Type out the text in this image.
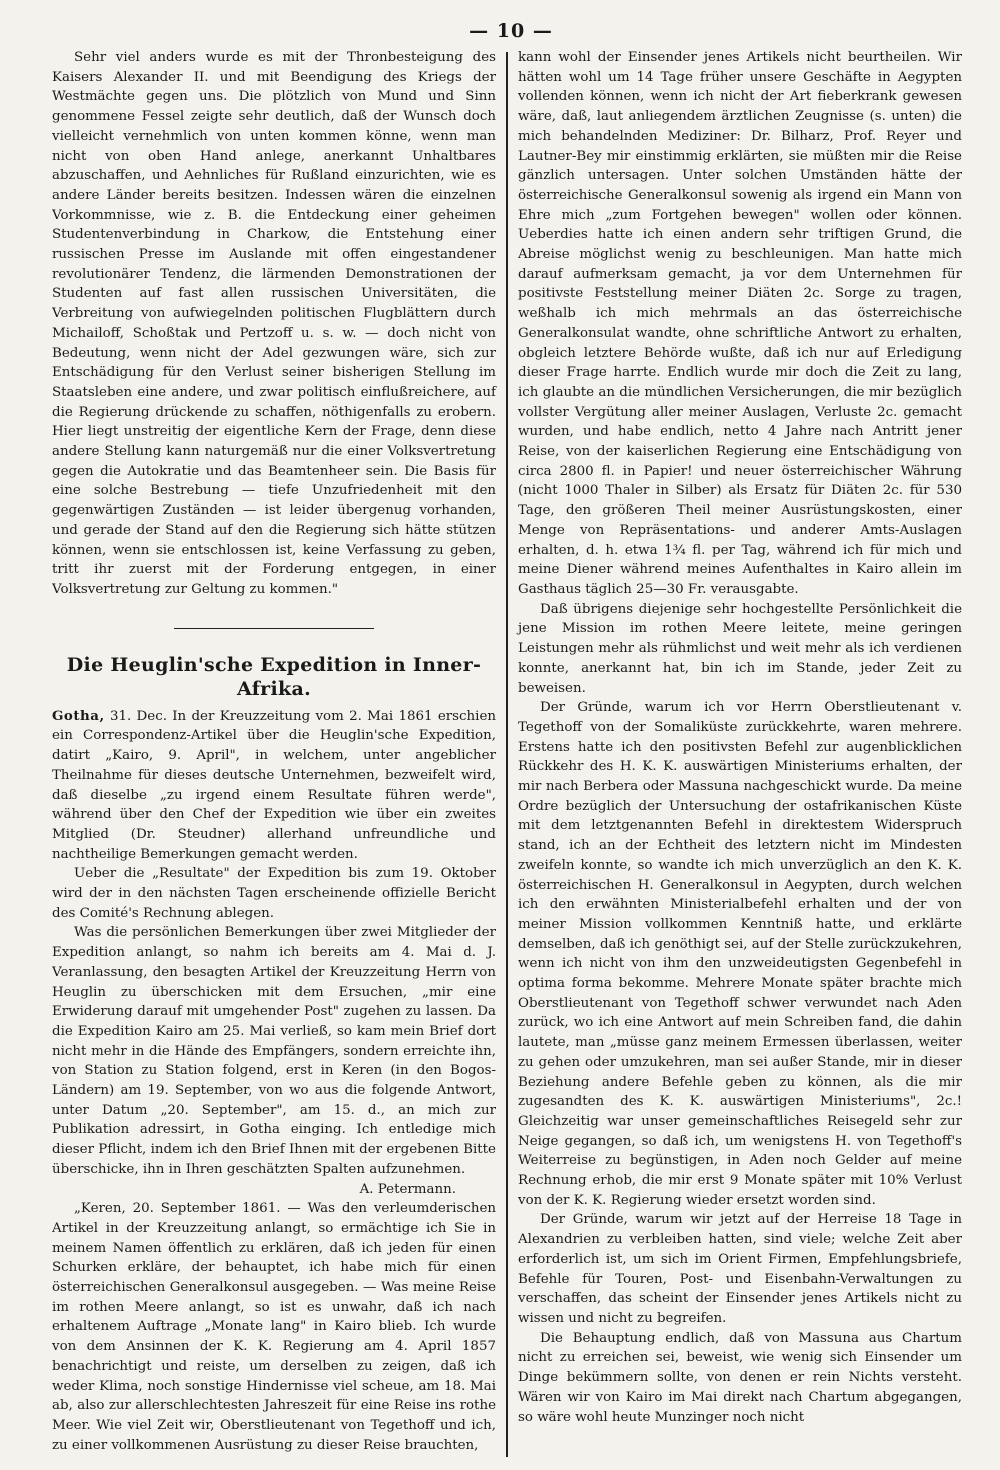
— 10 —

Sehr viel anders wurde es mit der Thronbesteigung des Kaisers Alexander II. und mit Beendigung des Kriegs der Westmächte gegen uns. Die plötzlich von Mund und Sinn genommene Fessel zeigte sehr deutlich, daß der Wunsch doch vielleicht vernehmlich von unten kommen könne, wenn man nicht von oben Hand anlege, anerkannt Unhaltbares abzuschaffen, und Aehnliches für Rußland einzurichten, wie es andere Länder bereits besitzen. Indessen wären die einzelnen Vorkommnisse, wie z. B. die Entdeckung einer geheimen Studentenverbindung in Charkow, die Entstehung einer russischen Presse im Auslande mit offen eingestandener revolutionärer Tendenz, die lärmenden Demonstrationen der Studenten auf fast allen russischen Universitäten, die Verbreitung von aufwiegelnden politischen Flugblättern durch Michailoff, Schoßtak und Pertzoff u. s. w. — doch nicht von Bedeutung, wenn nicht der Adel gezwungen wäre, sich zur Entschädigung für den Verlust seiner bisherigen Stellung im Staatsleben eine andere, und zwar politisch einflußreichere, auf die Regierung drückende zu schaffen, nöthigenfalls zu erobern. Hier liegt unstreitig der eigentliche Kern der Frage, denn diese andere Stellung kann naturgemäß nur die einer Volksvertretung gegen die Autokratie und das Beamtenheer sein. Die Basis für eine solche Bestrebung — tiefe Unzufriedenheit mit den gegenwärtigen Zuständen — ist leider übergenug vorhanden, und gerade der Stand auf den die Regierung sich hätte stützen können, wenn sie entschlossen ist, keine Verfassung zu geben, tritt ihr zuerst mit der Forderung entgegen, in einer Volksvertretung zur Geltung zu kommen."

Die Heuglin'sche Expedition in Inner-Afrika.

Gotha, 31. Dec. In der Kreuzzeitung vom 2. Mai 1861 erschien ein Correspondenz-Artikel über die Heuglin'sche Expedition, datirt „Kairo, 9. April", in welchem, unter angeblicher Theilnahme für dieses deutsche Unternehmen, bezweifelt wird, daß dieselbe „zu irgend einem Resultate führen werde", während über den Chef der Expedition wie über ein zweites Mitglied (Dr. Steudner) allerhand unfreundliche und nachtheilige Bemerkungen gemacht werden.

Ueber die „Resultate" der Expedition bis zum 19. Oktober wird der in den nächsten Tagen erscheinende offizielle Bericht des Comité's Rechnung ablegen.

Was die persönlichen Bemerkungen über zwei Mitglieder der Expedition anlangt, so nahm ich bereits am 4. Mai d. J. Veranlassung, den besagten Artikel der Kreuzzeitung Herrn von Heuglin zu überschicken mit dem Ersuchen, „mir eine Erwiderung darauf mit umgehender Post" zugehen zu lassen. Da die Expedition Kairo am 25. Mai verließ, so kam mein Brief dort nicht mehr in die Hände des Empfängers, sondern erreichte ihn, von Station zu Station folgend, erst in Keren (in den Bogos-Ländern) am 19. September, von wo aus die folgende Antwort, unter Datum „20. September", am 15. d., an mich zur Publikation adressirt, in Gotha einging. Ich entledige mich dieser Pflicht, indem ich den Brief Ihnen mit der ergebenen Bitte überschicke, ihn in Ihren geschätzten Spalten aufzunehmen.

A. Petermann.

„Keren, 20. September 1861. — Was den verleumderischen Artikel in der Kreuzzeitung anlangt, so ermächtige ich Sie in meinem Namen öffentlich zu erklären, daß ich jeden für einen Schurken erkläre, der behauptet, ich habe mich für einen österreichischen Generalkonsul ausgegeben. — Was meine Reise im rothen Meere anlangt, so ist es unwahr, daß ich nach erhaltenem Auftrage „Monate lang" in Kairo blieb. Ich wurde von dem Ansinnen der K. K. Regierung am 4. April 1857 benachrichtigt und reiste, um derselben zu zeigen, daß ich weder Klima, noch sonstige Hindernisse viel scheue, am 18. Mai ab, also zur allerschlechtesten Jahreszeit für eine Reise ins rothe Meer. Wie viel Zeit wir, Oberstlieutenant von Tegethoff und ich, zu einer vollkommenen Ausrüstung zu dieser Reise brauchten,

kann wohl der Einsender jenes Artikels nicht beurtheilen. Wir hätten wohl um 14 Tage früher unsere Geschäfte in Aegypten vollenden können, wenn ich nicht der Art fieberkrank gewesen wäre, daß, laut anliegendem ärztlichen Zeugnisse (s. unten) die mich behandelnden Mediziner: Dr. Bilharz, Prof. Reyer und Lautner-Bey mir einstimmig erklärten, sie müßten mir die Reise gänzlich untersagen. Unter solchen Umständen hätte der österreichische Generalkonsul sowenig als irgend ein Mann von Ehre mich „zum Fortgehen bewegen" wollen oder können. Ueberdies hatte ich einen andern sehr triftigen Grund, die Abreise möglichst wenig zu beschleunigen. Man hatte mich darauf aufmerksam gemacht, ja vor dem Unternehmen für positivste Feststellung meiner Diäten 2c. Sorge zu tragen, weßhalb ich mich mehrmals an das österreichische Generalkonsulat wandte, ohne schriftliche Antwort zu erhalten, obgleich letztere Behörde wußte, daß ich nur auf Erledigung dieser Frage harrte. Endlich wurde mir doch die Zeit zu lang, ich glaubte an die mündlichen Versicherungen, die mir bezüglich vollster Vergütung aller meiner Auslagen, Verluste 2c. gemacht wurden, und habe endlich, netto 4 Jahre nach Antritt jener Reise, von der kaiserlichen Regierung eine Entschädigung von circa 2800 fl. in Papier! und neuer österreichischer Währung (nicht 1000 Thaler in Silber) als Ersatz für Diäten 2c. für 530 Tage, den größeren Theil meiner Ausrüstungskosten, einer Menge von Repräsentations- und anderer Amts-Auslagen erhalten, d. h. etwa 1¾ fl. per Tag, während ich für mich und meine Diener während meines Aufenthaltes in Kairo allein im Gasthaus täglich 25—30 Fr. verausgabte.

Daß übrigens diejenige sehr hochgestellte Persönlichkeit die jene Mission im rothen Meere leitete, meine geringen Leistungen mehr als rühmlichst und weit mehr als ich verdienen konnte, anerkannt hat, bin ich im Stande, jeder Zeit zu beweisen.

Der Gründe, warum ich vor Herrn Oberstlieutenant v. Tegethoff von der Somaliküste zurückkehrte, waren mehrere. Erstens hatte ich den positivsten Befehl zur augenblicklichen Rückkehr des H. K. K. auswärtigen Ministeriums erhalten, der mir nach Berbera oder Massuna nachgeschickt wurde. Da meine Ordre bezüglich der Untersuchung der ostafrikanischen Küste mit dem letztgenannten Befehl in direktestem Widerspruch stand, ich an der Echtheit des letztern nicht im Mindesten zweifeln konnte, so wandte ich mich unverzüglich an den K. K. österreichischen H. Generalkonsul in Aegypten, durch welchen ich den erwähnten Ministerialbefehl erhalten und der von meiner Mission vollkommen Kenntniß hatte, und erklärte demselben, daß ich genöthigt sei, auf der Stelle zurückzukehren, wenn ich nicht von ihm den unzweideutigsten Gegenbefehl in optima forma bekomme. Mehrere Monate später brachte mich Oberstlieutenant von Tegethoff schwer verwundet nach Aden zurück, wo ich eine Antwort auf mein Schreiben fand, die dahin lautete, man „müsse ganz meinem Ermessen überlassen, weiter zu gehen oder umzukehren, man sei außer Stande, mir in dieser Beziehung andere Befehle geben zu können, als die mir zugesandten des K. K. auswärtigen Ministeriums", 2c.! Gleichzeitig war unser gemeinschaftliches Reisegeld sehr zur Neige gegangen, so daß ich, um wenigstens H. von Tegethoff's Weiterreise zu begünstigen, in Aden noch Gelder auf meine Rechnung erhob, die mir erst 9 Monate später mit 10% Verlust von der K. K. Regierung wieder ersetzt worden sind.

Der Gründe, warum wir jetzt auf der Herreise 18 Tage in Alexandrien zu verbleiben hatten, sind viele; welche Zeit aber erforderlich ist, um sich im Orient Firmen, Empfehlungsbriefe, Befehle für Touren, Post- und Eisenbahn-Verwaltungen zu verschaffen, das scheint der Einsender jenes Artikels nicht zu wissen und nicht zu begreifen.

Die Behauptung endlich, daß von Massuna aus Chartum nicht zu erreichen sei, beweist, wie wenig sich Einsender um Dinge bekümmern sollte, von denen er rein Nichts versteht. Wären wir von Kairo im Mai direkt nach Chartum abgegangen, so wäre wohl heute Munzinger noch nicht
